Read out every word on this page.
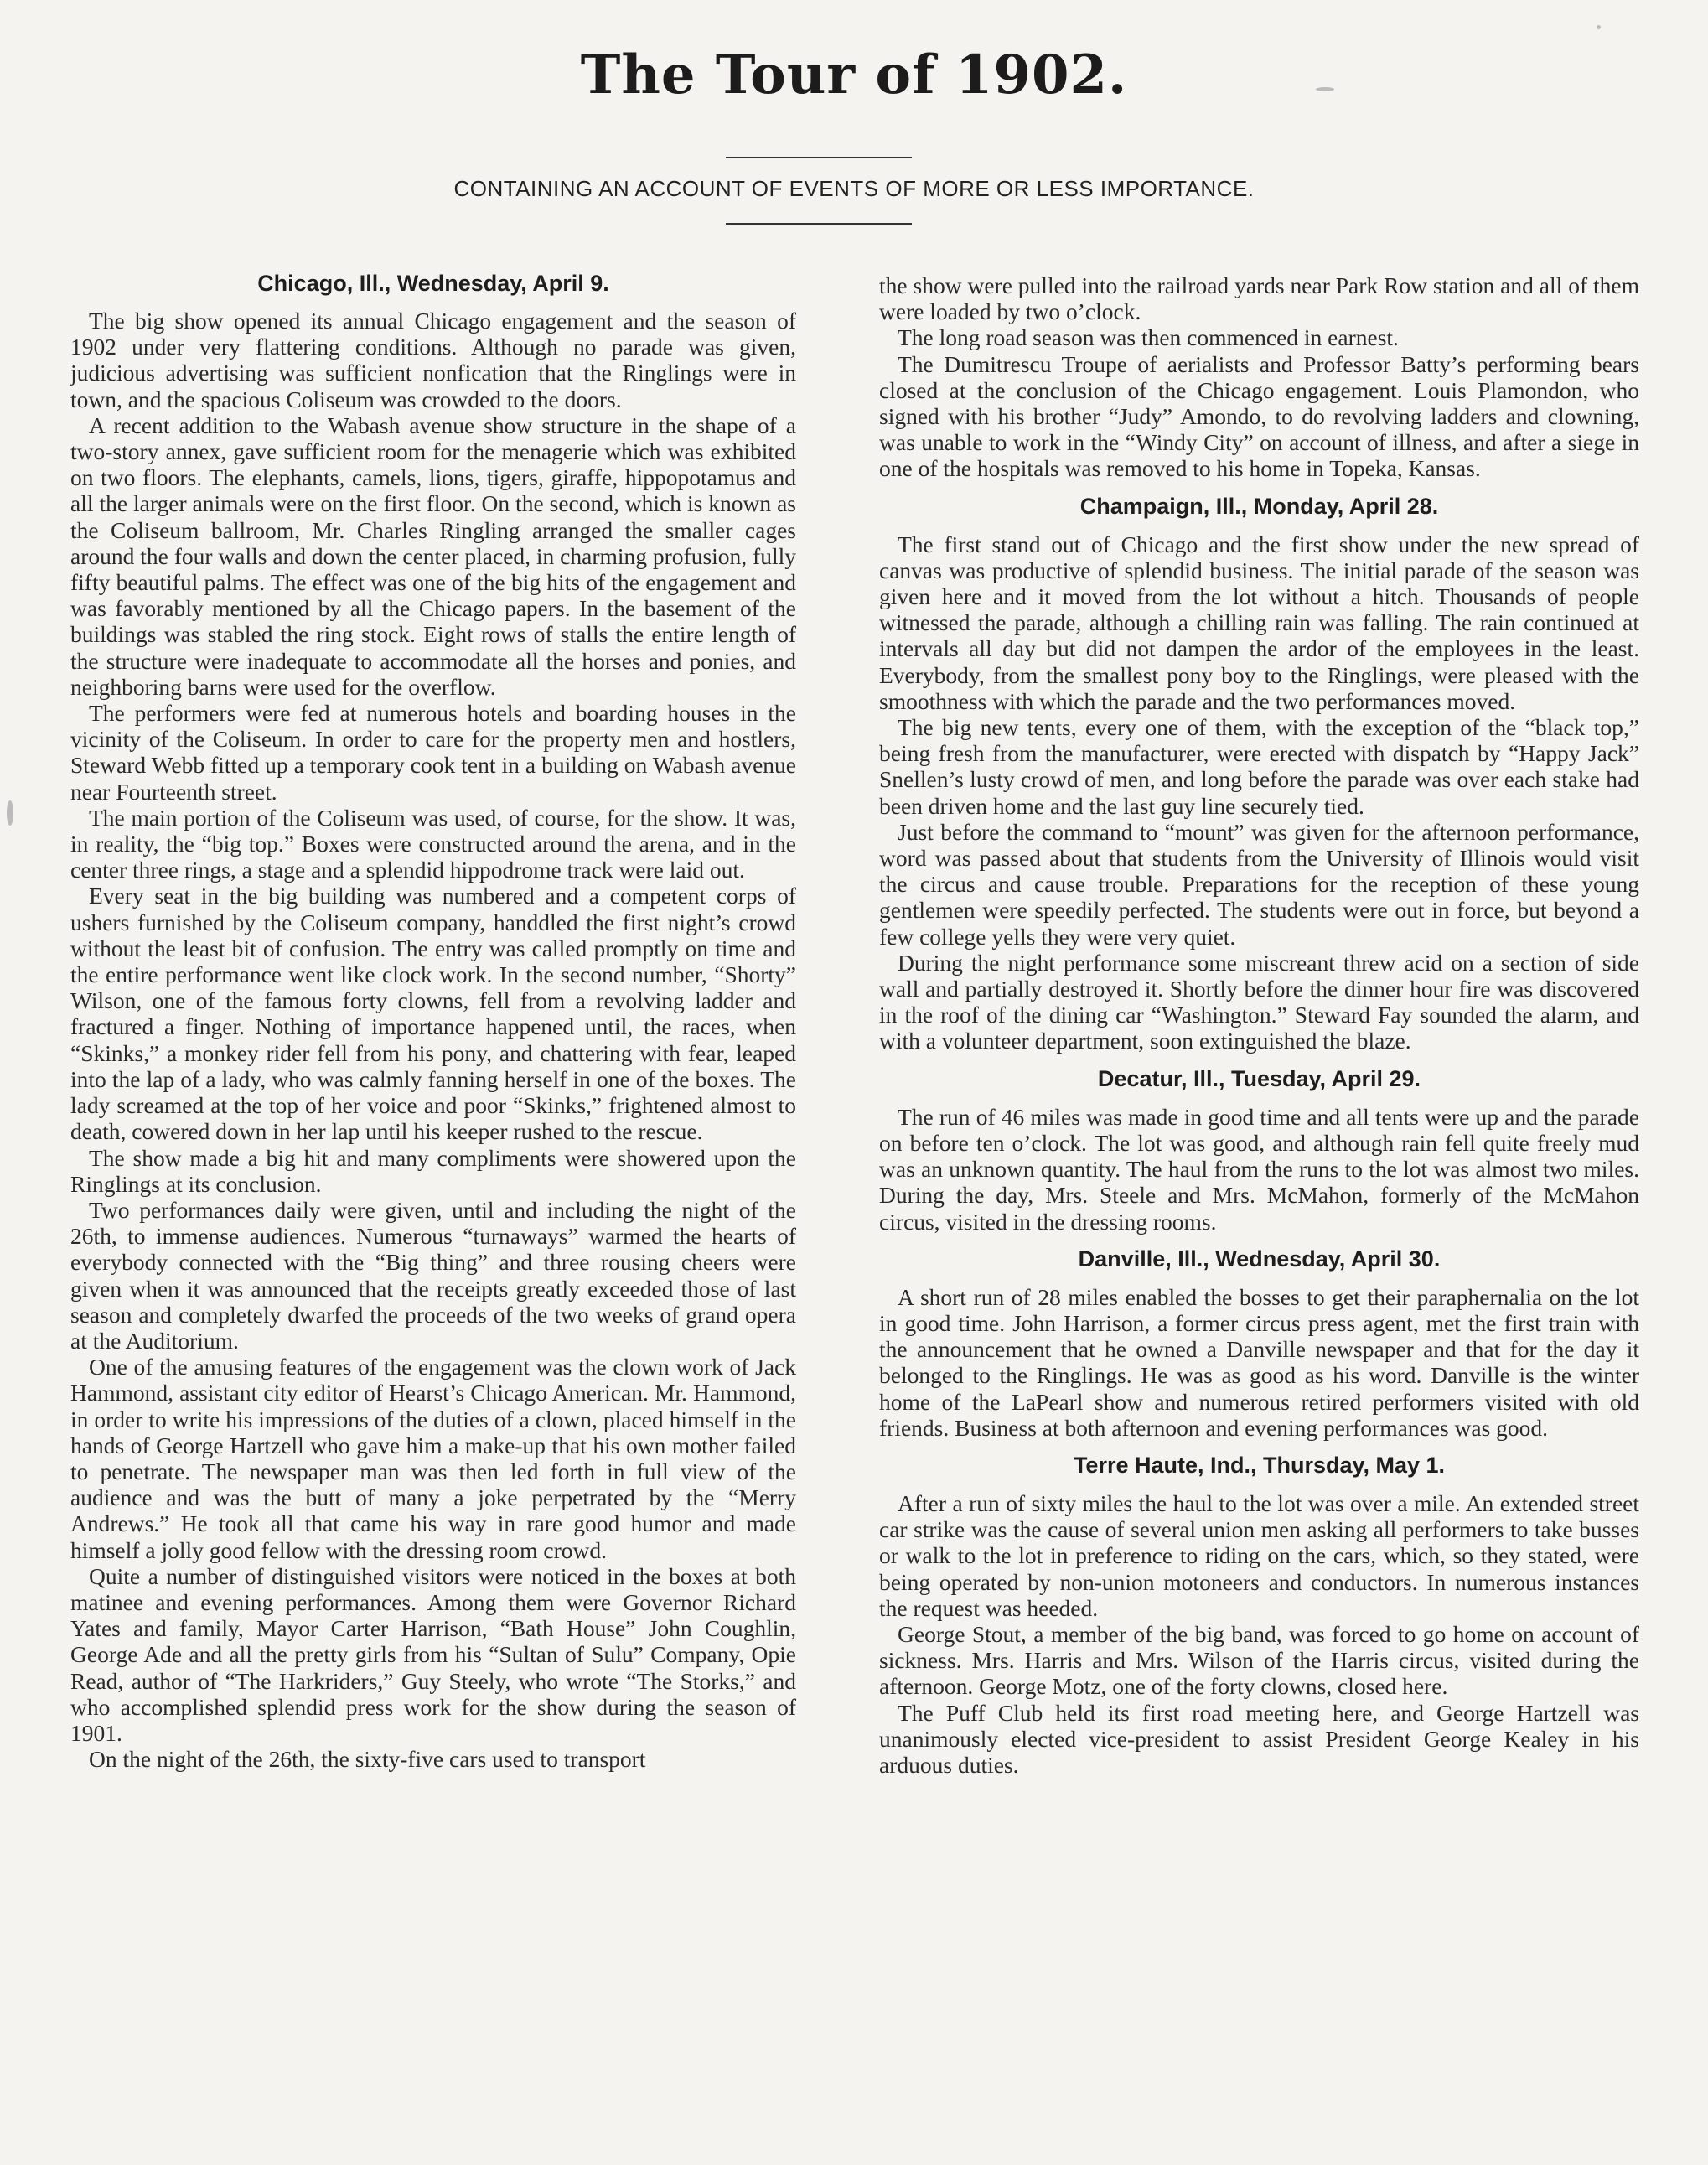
The Tour of 1902.

CONTAINING AN ACCOUNT OF EVENTS OF MORE OR LESS IMPORTANCE.

Chicago, Ill., Wednesday, April 9.

The big show opened its annual Chicago engagement and the season of 1902 under very flattering conditions. Although no parade was given, judicious advertising was sufficient nonfication that the Ringlings were in town, and the spacious Coliseum was crowded to the doors.

A recent addition to the Wabash avenue show structure in the shape of a two-story annex, gave sufficient room for the menagerie which was exhibited on two floors. The elephants, camels, lions, tigers, giraffe, hippopotamus and all the larger animals were on the first floor. On the second, which is known as the Coliseum ballroom, Mr. Charles Ringling arranged the smaller cages around the four walls and down the center placed, in charming profusion, fully fifty beautiful palms. The effect was one of the big hits of the engagement and was favorably mentioned by all the Chicago papers. In the basement of the buildings was stabled the ring stock. Eight rows of stalls the entire length of the structure were inadequate to accommodate all the horses and ponies, and neighboring barns were used for the overflow.

The performers were fed at numerous hotels and boarding houses in the vicinity of the Coliseum. In order to care for the property men and hostlers, Steward Webb fitted up a temporary cook tent in a building on Wabash avenue near Fourteenth street.

The main portion of the Coliseum was used, of course, for the show. It was, in reality, the “big top.” Boxes were constructed around the arena, and in the center three rings, a stage and a splendid hippodrome track were laid out.

Every seat in the big building was numbered and a competent corps of ushers furnished by the Coliseum company, handdled the first night’s crowd without the least bit of confusion. The entry was called promptly on time and the entire performance went like clock work. In the second number, “Shorty” Wilson, one of the famous forty clowns, fell from a revolving ladder and fractured a finger. Nothing of importance happened until, the races, when “Skinks,” a monkey rider fell from his pony, and chattering with fear, leaped into the lap of a lady, who was calmly fanning herself in one of the boxes. The lady screamed at the top of her voice and poor “Skinks,” frightened almost to death, cowered down in her lap until his keeper rushed to the rescue.

The show made a big hit and many compliments were showered upon the Ringlings at its conclusion.

Two performances daily were given, until and including the night of the 26th, to immense audiences. Numerous “turnaways” warmed the hearts of everybody connected with the “Big thing” and three rousing cheers were given when it was announced that the receipts greatly exceeded those of last season and completely dwarfed the proceeds of the two weeks of grand opera at the Auditorium.

One of the amusing features of the engagement was the clown work of Jack Hammond, assistant city editor of Hearst’s Chicago American. Mr. Hammond, in order to write his impressions of the duties of a clown, placed himself in the hands of George Hartzell who gave him a make-up that his own mother failed to penetrate. The newspaper man was then led forth in full view of the audience and was the butt of many a joke perpetrated by the “Merry Andrews.” He took all that came his way in rare good humor and made himself a jolly good fellow with the dressing room crowd.

Quite a number of distinguished visitors were noticed in the boxes at both matinee and evening performances. Among them were Governor Richard Yates and family, Mayor Carter Harrison, “Bath House” John Coughlin, George Ade and all the pretty girls from his “Sultan of Sulu” Company, Opie Read, author of “The Harkriders,” Guy Steely, who wrote “The Storks,” and who accomplished splendid press work for the show during the season of 1901.

On the night of the 26th, the sixty-five cars used to transport

the show were pulled into the railroad yards near Park Row station and all of them were loaded by two o’clock.

The long road season was then commenced in earnest.

The Dumitrescu Troupe of aerialists and Professor Batty’s performing bears closed at the conclusion of the Chicago engagement. Louis Plamondon, who signed with his brother “Judy” Amondo, to do revolving ladders and clowning, was unable to work in the “Windy City” on account of illness, and after a siege in one of the hospitals was removed to his home in Topeka, Kansas.

Champaign, Ill., Monday, April 28.

The first stand out of Chicago and the first show under the new spread of canvas was productive of splendid business. The initial parade of the season was given here and it moved from the lot without a hitch. Thousands of people witnessed the parade, although a chilling rain was falling. The rain continued at intervals all day but did not dampen the ardor of the employees in the least. Everybody, from the smallest pony boy to the Ringlings, were pleased with the smoothness with which the parade and the two performances moved.

The big new tents, every one of them, with the exception of the “black top,” being fresh from the manufacturer, were erected with dispatch by “Happy Jack” Snellen’s lusty crowd of men, and long before the parade was over each stake had been driven home and the last guy line securely tied.

Just before the command to “mount” was given for the afternoon performance, word was passed about that students from the University of Illinois would visit the circus and cause trouble. Preparations for the reception of these young gentlemen were speedily perfected. The students were out in force, but beyond a few college yells they were very quiet.

During the night performance some miscreant threw acid on a section of side wall and partially destroyed it. Shortly before the dinner hour fire was discovered in the roof of the dining car “Washington.” Steward Fay sounded the alarm, and with a volunteer department, soon extinguished the blaze.

Decatur, Ill., Tuesday, April 29.

The run of 46 miles was made in good time and all tents were up and the parade on before ten o’clock. The lot was good, and although rain fell quite freely mud was an unknown quantity. The haul from the runs to the lot was almost two miles. During the day, Mrs. Steele and Mrs. McMahon, formerly of the McMahon circus, visited in the dressing rooms.

Danville, Ill., Wednesday, April 30.

A short run of 28 miles enabled the bosses to get their paraphernalia on the lot in good time. John Harrison, a former circus press agent, met the first train with the announcement that he owned a Danville newspaper and that for the day it belonged to the Ringlings. He was as good as his word. Danville is the winter home of the LaPearl show and numerous retired performers visited with old friends. Business at both afternoon and evening performances was good.

Terre Haute, Ind., Thursday, May 1.

After a run of sixty miles the haul to the lot was over a mile. An extended street car strike was the cause of several union men asking all performers to take busses or walk to the lot in preference to riding on the cars, which, so they stated, were being operated by non-union motoneers and conductors. In numerous instances the request was heeded.

George Stout, a member of the big band, was forced to go home on account of sickness. Mrs. Harris and Mrs. Wilson of the Harris circus, visited during the afternoon. George Motz, one of the forty clowns, closed here.

The Puff Club held its first road meeting here, and George Hartzell was unanimously elected vice-president to assist President George Kealey in his arduous duties.
